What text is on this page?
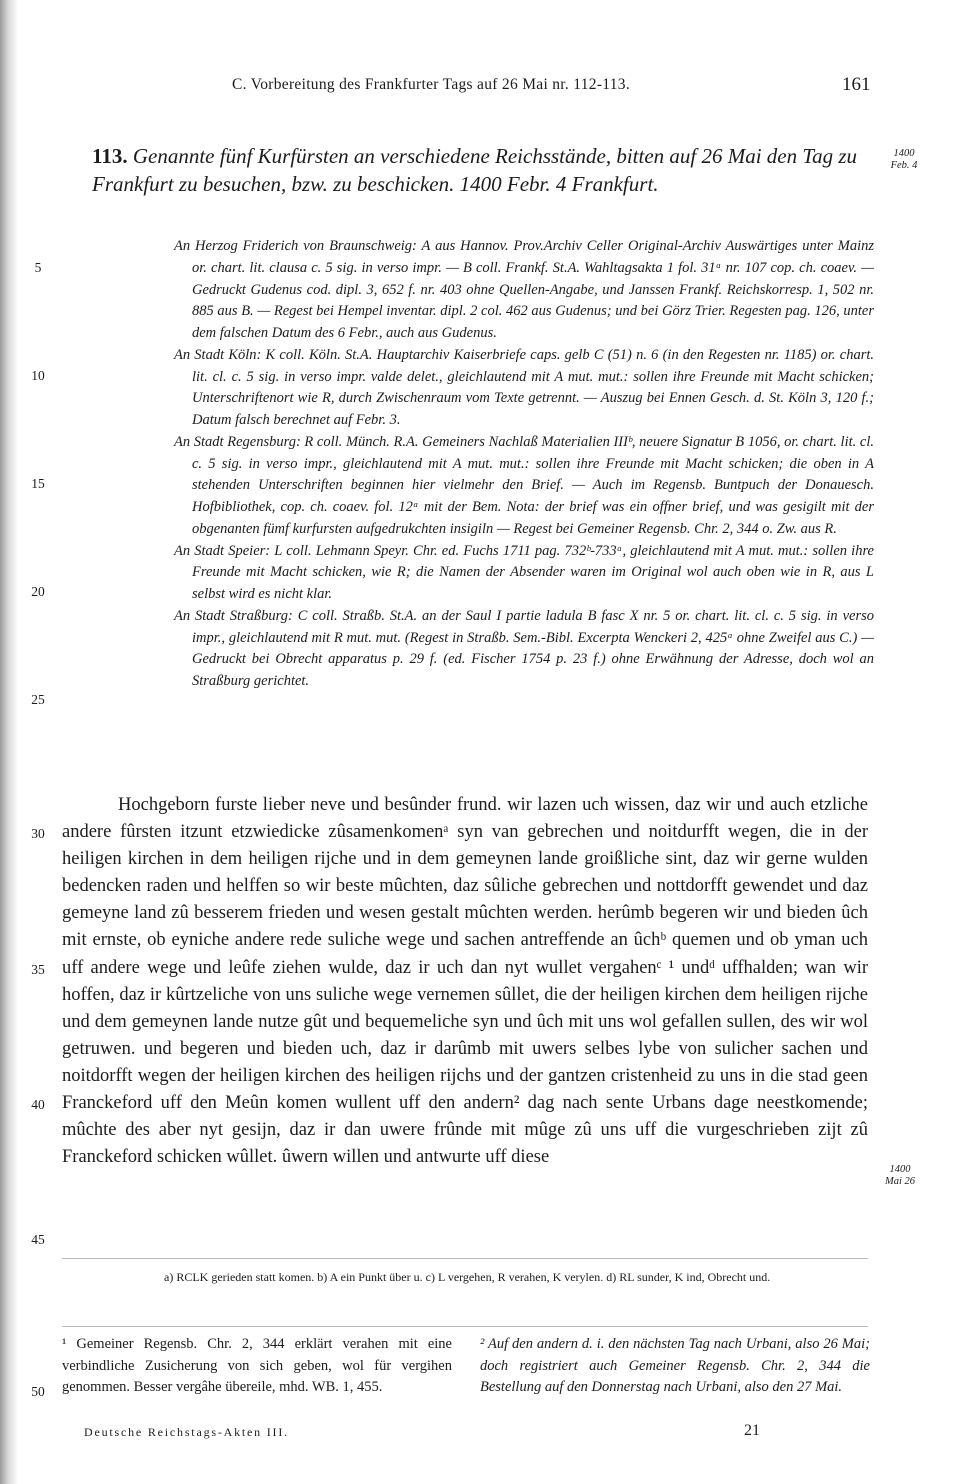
C. Vorbereitung des Frankfurter Tags auf 26 Mai nr. 112-113.	161
113. Genannte fünf Kurfürsten an verschiedene Reichsstände, bitten auf 26 Mai den Tag zu Frankfurt zu besuchen, bzw. zu beschicken. 1400 Febr. 4 Frankfurt.
1400
Feb. 4

An Herzog Friderich von Braunschweig: A aus Hannov. Prov.Archiv Celler Original-Archiv Auswärtiges unter Mainz or. chart. lit. clausa c. 5 sig. in verso impr. — B coll. Frankf. St.A. Wahltagsakta 1 fol. 31ᵃ nr. 107 cop. ch. coaev. — Gedruckt Gudenus cod. dipl. 3, 652 f. nr. 403 ohne Quellen-Angabe, und Janssen Frankf. Reichskorresp. 1, 502 nr. 885 aus B. — Regest bei Hempel inventar. dipl. 2 col. 462 aus Gudenus; und bei Görz Trier. Regesten pag. 126, unter dem falschen Datum des 6 Febr., auch aus Gudenus.

An Stadt Köln: K coll. Köln. St.A. Hauptarchiv Kaiserbriefe caps. gelb C (51) n. 6 (in den Regesten nr. 1185) or. chart. lit. cl. c. 5 sig. in verso impr. valde delet., gleichlautend mit A mut. mut.: sollen ihre Freunde mit Macht schicken; Unterschriftenort wie R, durch Zwischenraum vom Texte getrennt. — Auszug bei Ennen Gesch. d. St. Köln 3, 120 f.; Datum falsch berechnet auf Febr. 3.

An Stadt Regensburg: R coll. Münch. R.A. Gemeiners Nachlaß Materialien IIIᵇ, neuere Signatur B 1056, or. chart. lit. cl. c. 5 sig. in verso impr., gleichlautend mit A mut. mut.: sollen ihre Freunde mit Macht schicken; die oben in A stehenden Unterschriften beginnen hier vielmehr den Brief. — Auch im Regensb. Buntpuch der Donauesch. Hofbibliothek, cop. ch. coaev. fol. 12ᵃ mit der Bem. Nota: der brief was ein offner brief, und was gesigilt mit der obgenanten fümf kurfursten aufgedrukchten insigiln — Regest bei Gemeiner Regensb. Chr. 2, 344 o. Zw. aus R.

An Stadt Speier: L coll. Lehmann Speyr. Chr. ed. Fuchs 1711 pag. 732ᵇ-733ᵃ, gleichlautend mit A mut. mut.: sollen ihre Freunde mit Macht schicken, wie R; die Namen der Absender waren im Original wol auch oben wie in R, aus L selbst wird es nicht klar.

An Stadt Straßburg: C coll. Straßb. St.A. an der Saul I partie ladula B fasc X nr. 5 or. chart. lit. cl. c. 5 sig. in verso impr., gleichlautend mit R mut. mut. (Regest in Straßb. Sem.-Bibl. Excerpta Wenckeri 2, 425ᵃ ohne Zweifel aus C.) — Gedruckt bei Obrecht apparatus p. 29 f. (ed. Fischer 1754 p. 23 f.) ohne Erwähnung der Adresse, doch wol an Straßburg gerichtet.

5
10
15
20
25
30
35
40
45
50

Hochgeborn furste lieber neve und besûnder frund. wir lazen uch wissen, daz wir und auch etzliche andere fûrsten itzunt etzwiedicke zûsamenkomenᵃ syn van gebrechen und noitdurfft wegen, die in der heiligen kirchen in dem heiligen rijche und in dem gemeynen lande groißliche sint, daz wir gerne wulden bedencken raden und helffen so wir beste mûchten, daz sûliche gebrechen und nottdorfft gewendet und daz gemeyne land zû besserem frieden und wesen gestalt mûchten werden. herûmb begeren wir und bieden ûch mit ernste, ob eyniche andere rede suliche wege und sachen antreffende an ûchᵇ quemen und ob yman uch uff andere wege und leûfe ziehen wulde, daz ir uch dan nyt wullet vergahenᶜ ¹ undᵈ uffhalden; wan wir hoffen, daz ir kûrtzeliche von uns suliche wege vernemen sûllet, die der heiligen kirchen dem heiligen rijche und dem gemeynen lande nutze gût und bequemeliche syn und ûch mit uns wol gefallen sullen, des wir wol getruwen. und begeren und bieden uch, daz ir darûmb mit uwers selbes lybe von sulicher sachen und noitdorfft wegen der heiligen kirchen des heiligen rijchs und der gantzen cristenheid zu uns in die stad geen Franckeford uff den Meûn komen wullent uff den andern² dag nach sente Urbans dage neestkomende; mûchte des aber nyt gesijn, daz ir dan uwere frûnde mit mûge zû uns uff die vurgeschrieben zijt zû Franckeford schicken wûllet. ûwern willen und antwurte uff diese

1400
Mai 26

a) RCLK gerieden statt komen. b) A ein Punkt über u. c) L vergehen, R verahen, K verylen. d) RL sunder, K ind, Obrecht und.

¹ Gemeiner Regensb. Chr. 2, 344 erklärt verahen mit eine verbindliche Zusicherung von sich geben, wol für vergihen genommen. Besser vergâhe übereile, mhd. WB. 1, 455.

² Auf den andern d. i. den nächsten Tag nach Urbani, also 26 Mai; doch registriert auch Gemeiner Regensb. Chr. 2, 344 die Bestellung auf den Donnerstag nach Urbani, also den 27 Mai.

Deutsche Reichstags-Akten III.	21
